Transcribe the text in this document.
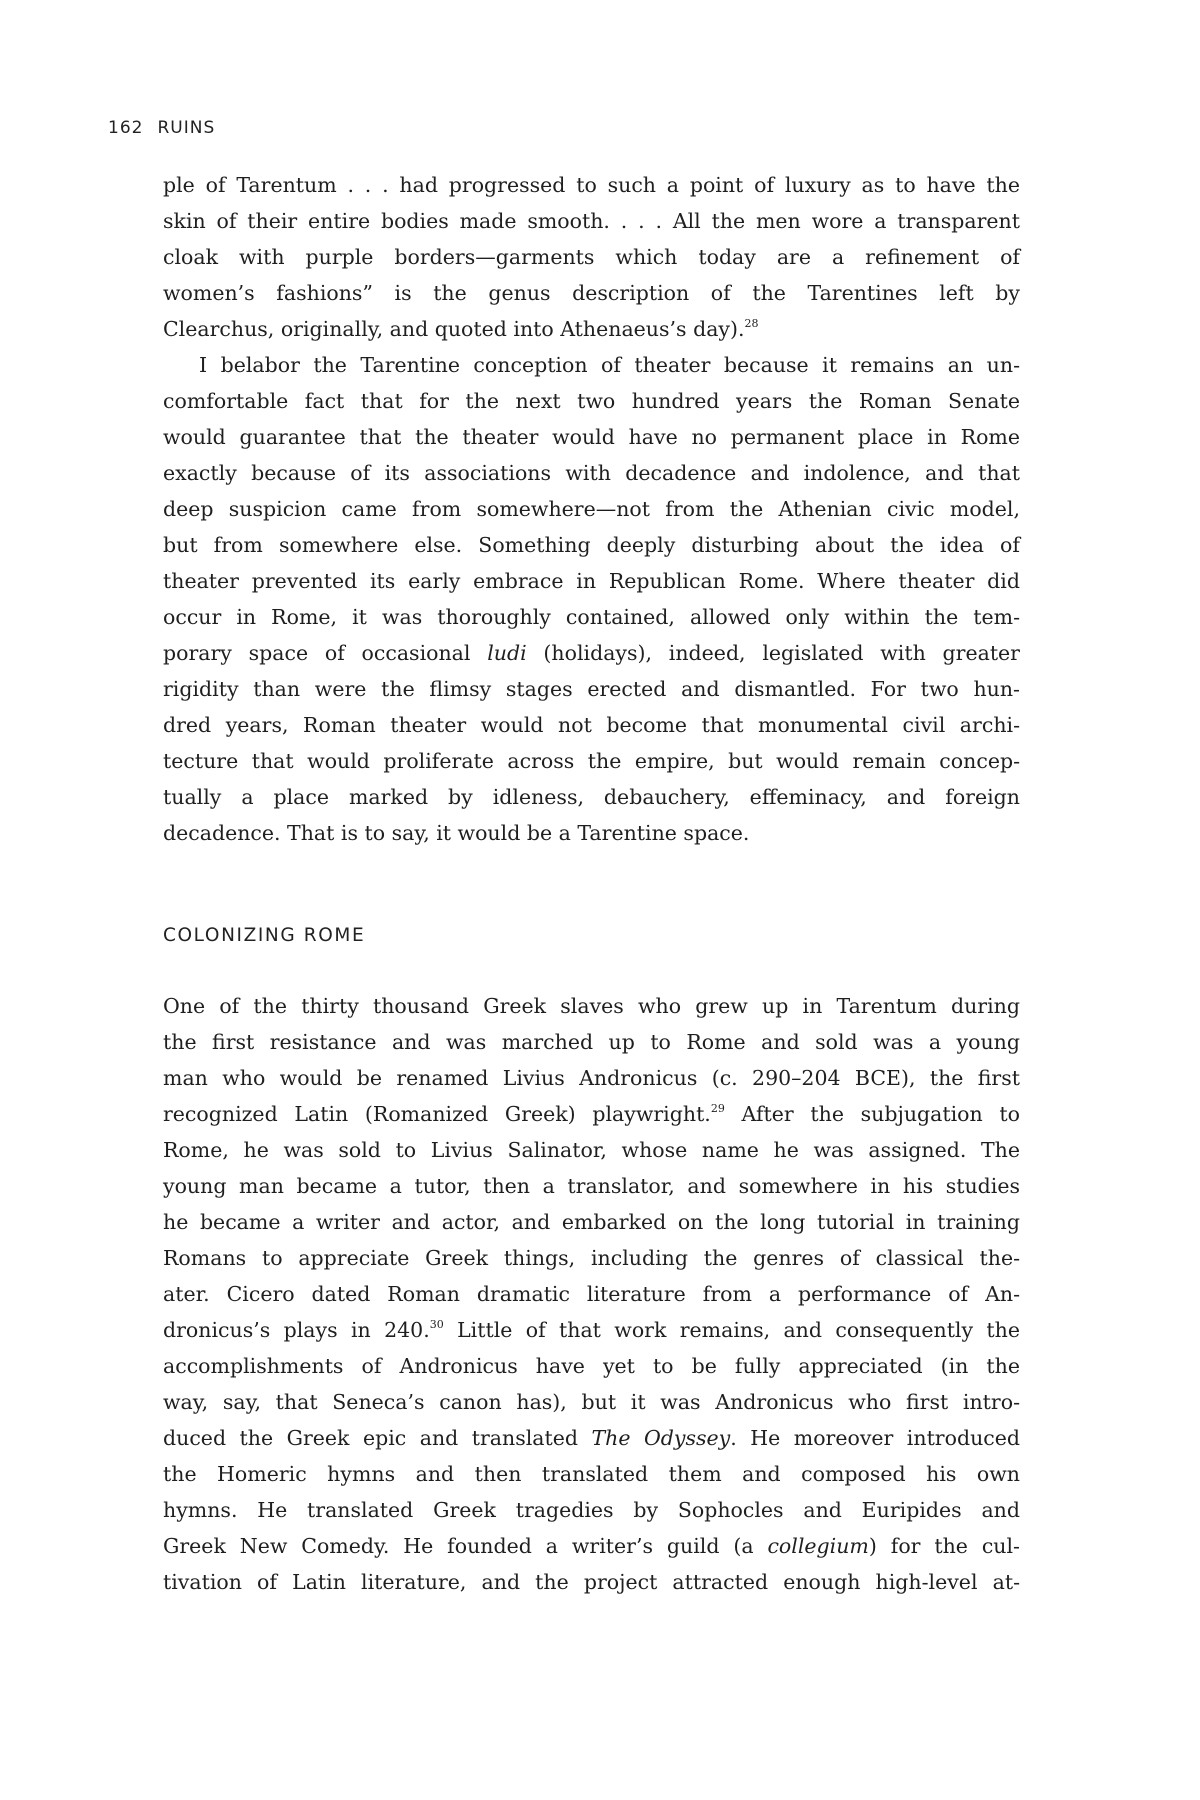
162 RUINS
ple of Tarentum . . . had progressed to such a point of luxury as to have the
skin of their entire bodies made smooth. . . . All the men wore a transparent
cloak with purple borders—garments which today are a refinement of
women’s fashions” is the genus description of the Tarentines left by
Clearchus, originally, and quoted into Athenaeus’s day).$^{28}$
I belabor the Tarentine conception of theater because it remains an un-
comfortable fact that for the next two hundred years the Roman Senate
would guarantee that the theater would have no permanent place in Rome
exactly because of its associations with decadence and indolence, and that
deep suspicion came from somewhere—not from the Athenian civic model,
but from somewhere else. Something deeply disturbing about the idea of
theater prevented its early embrace in Republican Rome. Where theater did
occur in Rome, it was thoroughly contained, allowed only within the tem-
porary space of occasional ludi (holidays), indeed, legislated with greater
rigidity than were the flimsy stages erected and dismantled. For two hun-
dred years, Roman theater would not become that monumental civil archi-
tecture that would proliferate across the empire, but would remain concep-
tually a place marked by idleness, debauchery, effeminacy, and foreign
decadence. That is to say, it would be a Tarentine space.
COLONIZING ROME
One of the thirty thousand Greek slaves who grew up in Tarentum during
the first resistance and was marched up to Rome and sold was a young
man who would be renamed Livius Andronicus (c. 290–204 BCE), the first
recognized Latin (Romanized Greek) playwright.$^{29}$ After the subjugation to
Rome, he was sold to Livius Salinator, whose name he was assigned. The
young man became a tutor, then a translator, and somewhere in his studies
he became a writer and actor, and embarked on the long tutorial in training
Romans to appreciate Greek things, including the genres of classical the-
ater. Cicero dated Roman dramatic literature from a performance of An-
dronicus’s plays in 240.30 Little of that work remains, and consequently the
accomplishments of Andronicus have yet to be fully appreciated (in the
way, say, that Seneca’s canon has), but it was Andronicus who first intro-
duced the Greek epic and translated The Odyssey. He moreover introduced
the Homeric hymns and then translated them and composed his own
hymns. He translated Greek tragedies by Sophocles and Euripides and
Greek New Comedy. He founded a writer’s guild (a collegium) for the cul-
tivation of Latin literature, and the project attracted enough high-level at-
